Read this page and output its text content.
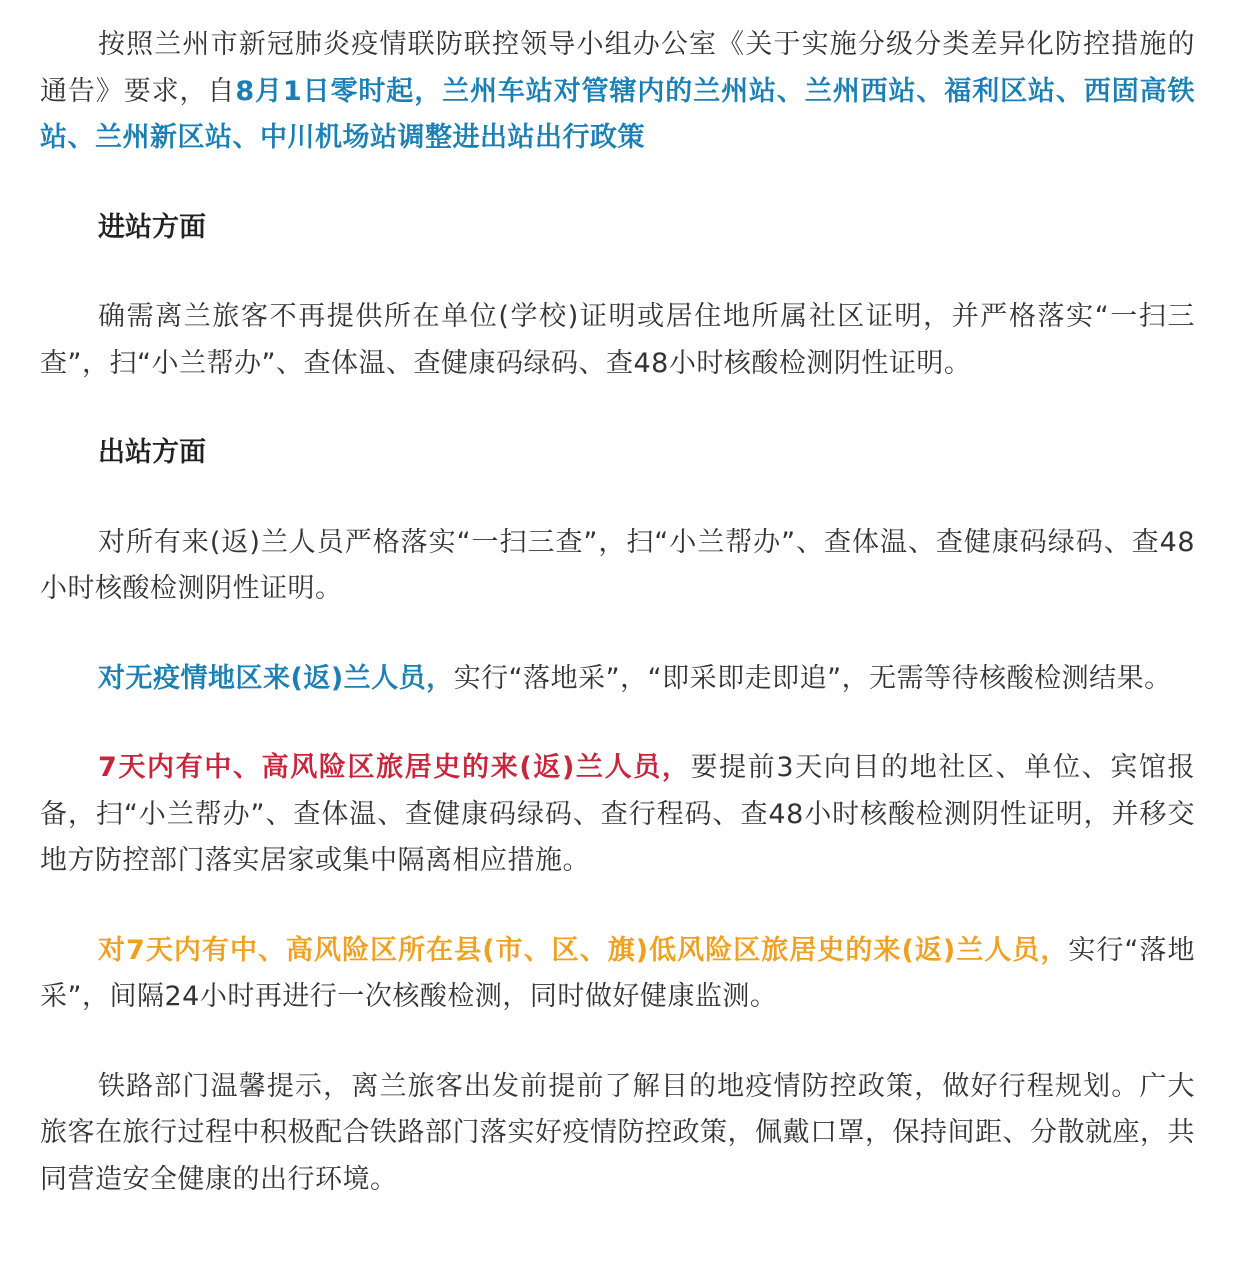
按照兰州市新冠肺炎疫情联防联控领导小组办公室《关于实施分级分类差异化防控措施的通告》要求，自8月1日零时起，兰州车站对管辖内的兰州站、兰州西站、福利区站、西固高铁站、兰州新区站、中川机场站调整进出站出行政策

进站方面

确需离兰旅客不再提供所在单位(学校)证明或居住地所属社区证明，并严格落实“一扫三查”，扫“小兰帮办”、查体温、查健康码绿码、查48小时核酸检测阴性证明。

出站方面

对所有来(返)兰人员严格落实“一扫三查”，扫“小兰帮办”、查体温、查健康码绿码、查48小时核酸检测阴性证明。

对无疫情地区来(返)兰人员，实行“落地采”，“即采即走即追”，无需等待核酸检测结果。

7天内有中、高风险区旅居史的来(返)兰人员，要提前3天向目的地社区、单位、宾馆报备，扫“小兰帮办”、查体温、查健康码绿码、查行程码、查48小时核酸检测阴性证明，并移交地方防控部门落实居家或集中隔离相应措施。

对7天内有中、高风险区所在县(市、区、旗)低风险区旅居史的来(返)兰人员，实行“落地采”，间隔24小时再进行一次核酸检测，同时做好健康监测。

铁路部门温馨提示，离兰旅客出发前提前了解目的地疫情防控政策，做好行程规划。广大旅客在旅行过程中积极配合铁路部门落实好疫情防控政策，佩戴口罩，保持间距、分散就座，共同营造安全健康的出行环境。
